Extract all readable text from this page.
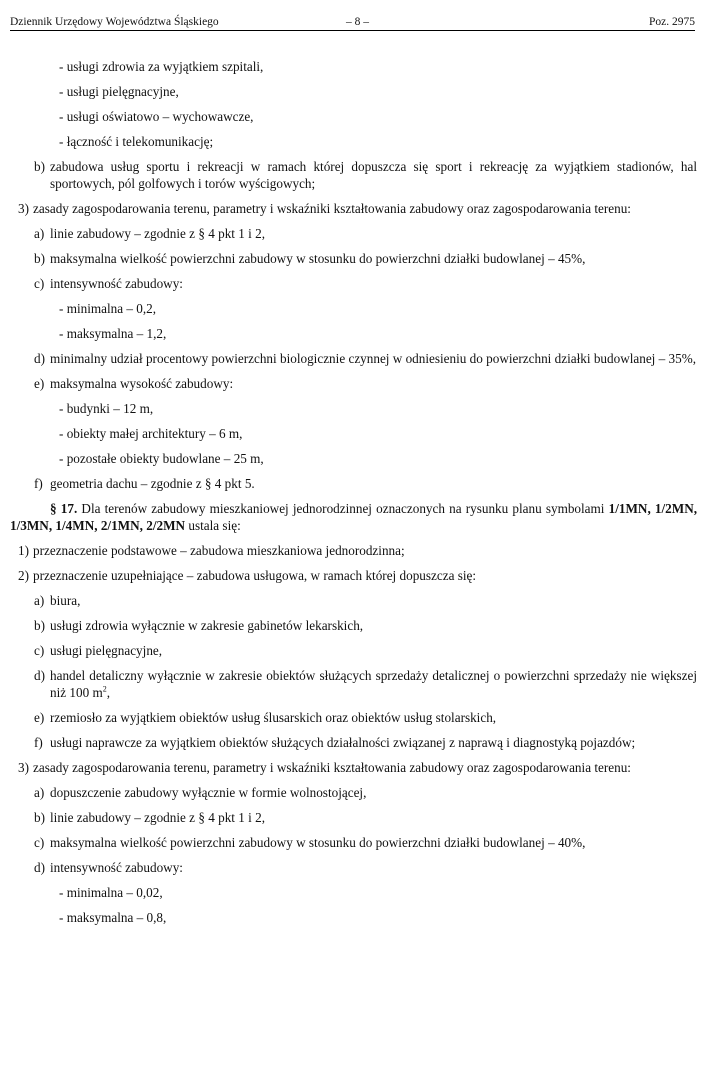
Dziennik Urzędowy Województwa Śląskiego	– 8 –	Poz. 2975
- usługi zdrowia za wyjątkiem szpitali,
- usługi pielęgnacyjne,
- usługi oświatowo – wychowawcze,
- łączność i telekomunikację;
b) zabudowa usług sportu i rekreacji w ramach której dopuszcza się sport i rekreację za wyjątkiem stadionów, hal sportowych, pól golfowych i torów wyścigowych;
3) zasady zagospodarowania terenu, parametry i wskaźniki kształtowania zabudowy oraz zagospodarowania terenu:
a) linie zabudowy – zgodnie z § 4 pkt 1 i 2,
b) maksymalna wielkość powierzchni zabudowy w stosunku do powierzchni działki budowlanej – 45%,
c) intensywność zabudowy:
- minimalna – 0,2,
- maksymalna – 1,2,
d) minimalny udział procentowy powierzchni biologicznie czynnej w odniesieniu do powierzchni działki budowlanej – 35%,
e) maksymalna wysokość zabudowy:
- budynki – 12 m,
- obiekty małej architektury – 6 m,
- pozostałe obiekty budowlane – 25 m,
f) geometria dachu – zgodnie z § 4 pkt 5.
§ 17. Dla terenów zabudowy mieszkaniowej jednorodzinnej oznaczonych na rysunku planu symbolami 1/1MN, 1/2MN, 1/3MN, 1/4MN, 2/1MN, 2/2MN ustala się:
1) przeznaczenie podstawowe – zabudowa mieszkaniowa jednorodzinna;
2) przeznaczenie uzupełniające – zabudowa usługowa, w ramach której dopuszcza się:
a) biura,
b) usługi zdrowia wyłącznie w zakresie gabinetów lekarskich,
c) usługi pielęgnacyjne,
d) handel detaliczny wyłącznie w zakresie obiektów służących sprzedaży detalicznej o powierzchni sprzedaży nie większej niż 100 $m^2$,
e) rzemiosło za wyjątkiem obiektów usług ślusarskich oraz obiektów usług stolarskich,
f) usługi naprawcze za wyjątkiem obiektów służących działalności związanej z naprawą i diagnostyką pojazdów;
3) zasady zagospodarowania terenu, parametry i wskaźniki kształtowania zabudowy oraz zagospodarowania terenu:
a) dopuszczenie zabudowy wyłącznie w formie wolnostojącej,
b) linie zabudowy – zgodnie z § 4 pkt 1 i 2,
c) maksymalna wielkość powierzchni zabudowy w stosunku do powierzchni działki budowlanej – 40%,
d) intensywność zabudowy:
- minimalna – 0,02,
- maksymalna – 0,8,
